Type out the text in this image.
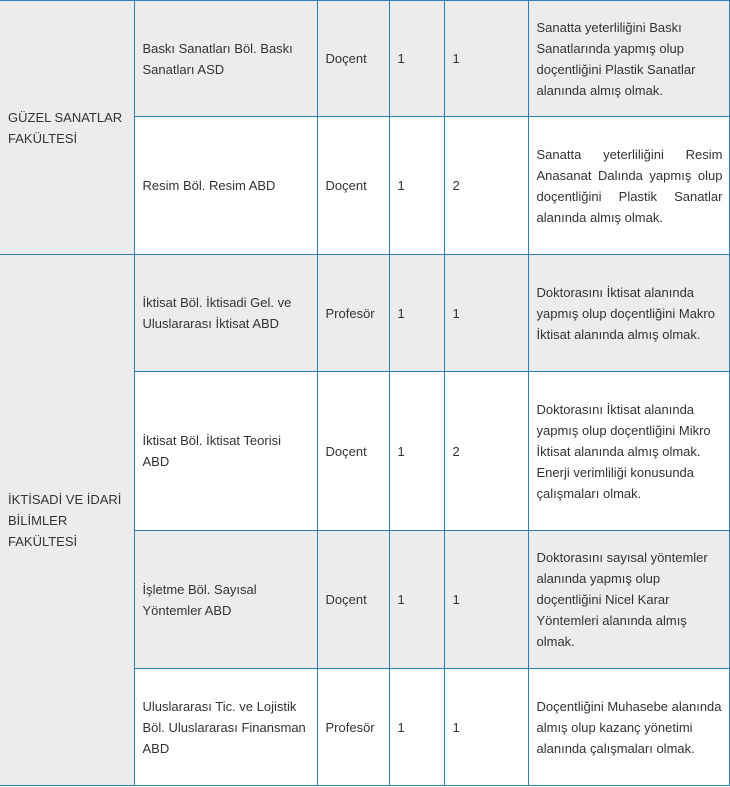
GÜZEL SANATLAR FAKÜLTESİ	Baskı Sanatları Böl. Baskı Sanatları ASD	Doçent	1	1	Sanatta yeterliliğini Baskı Sanatlarında yapmış olup doçentliğini Plastik Sanatlar alanında almış olmak.
	Resim Böl. Resim ABD	Doçent	1	2	Sanatta yeterliliğini Resim Anasanat Dalında yapmış olup doçentliğini Plastik Sanatlar alanında almış olmak.
İKTİSADİ VE İDARİ BİLİMLER FAKÜLTESİ	İktisat Böl. İktisadi Gel. ve Uluslararası İktisat ABD	Profesör	1	1	Doktorasını İktisat alanında yapmış olup doçentliğini Makro İktisat alanında almış olmak.
	İktisat Böl. İktisat Teorisi ABD	Doçent	1	2	Doktorasını İktisat alanında yapmış olup doçentliğini Mikro İktisat alanında almış olmak. Enerji verimliliği konusunda çalışmaları olmak.
	İşletme Böl. Sayısal Yöntemler ABD	Doçent	1	1	Doktorasını sayısal yöntemler alanında yapmış olup doçentliğini Nicel Karar Yöntemleri alanında almış olmak.
	Uluslararası Tic. ve Lojistik Böl. Uluslararası Finansman ABD	Profesör	1	1	Doçentliğini Muhasebe alanında almış olup kazanç yönetimi alanında çalışmaları olmak.
